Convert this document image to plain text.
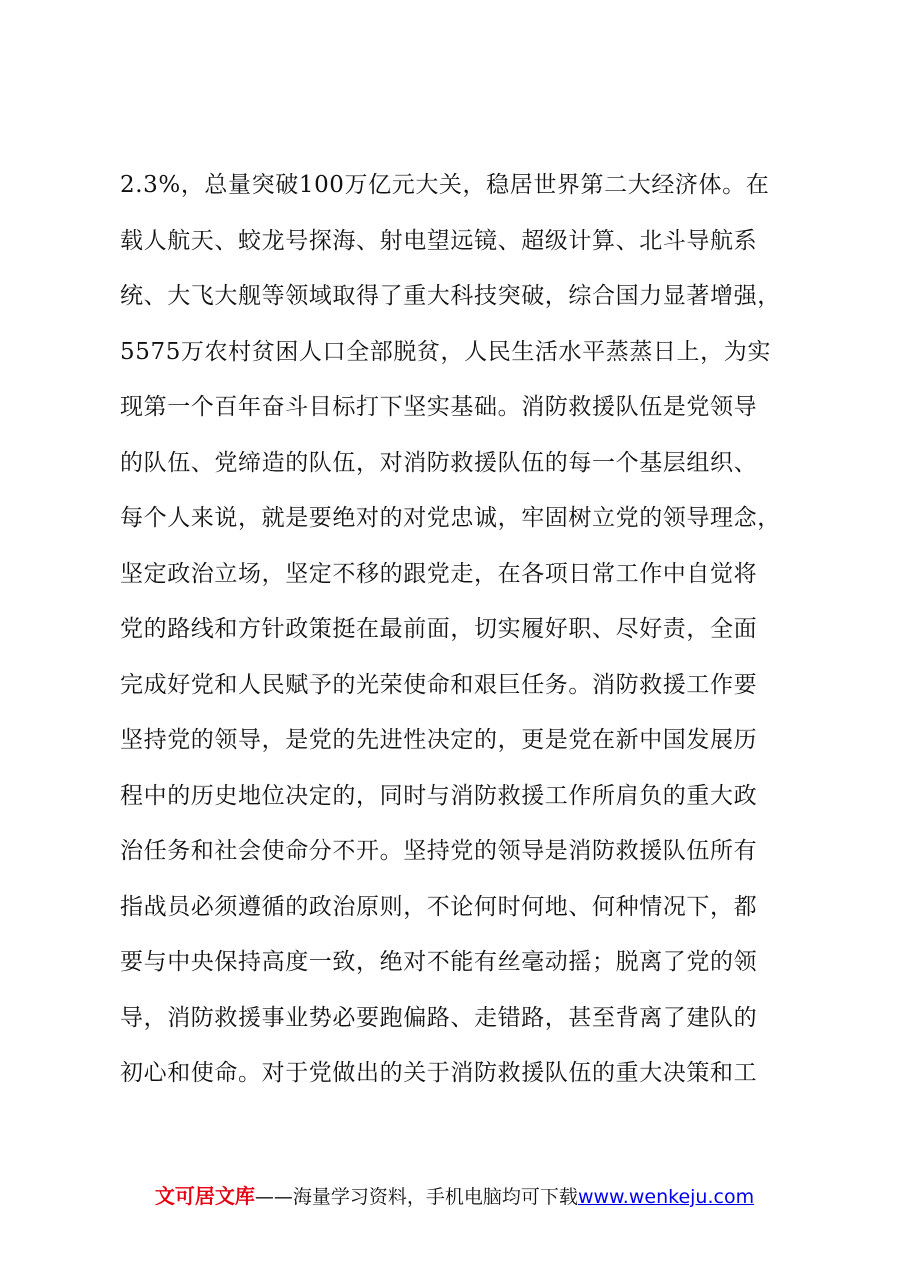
2.3%，总量突破100万亿元大关，稳居世界第二大经济体。在
载人航天、蛟龙号探海、射电望远镜、超级计算、北斗导航系
统、大飞大舰等领域取得了重大科技突破，综合国力显著增强，
5575万农村贫困人口全部脱贫，人民生活水平蒸蒸日上，为实
现第一个百年奋斗目标打下坚实基础。消防救援队伍是党领导
的队伍、党缔造的队伍，对消防救援队伍的每一个基层组织、
每个人来说，就是要绝对的对党忠诚，牢固树立党的领导理念，
坚定政治立场，坚定不移的跟党走，在各项日常工作中自觉将
党的路线和方针政策挺在最前面，切实履好职、尽好责，全面
完成好党和人民赋予的光荣使命和艰巨任务。消防救援工作要
坚持党的领导，是党的先进性决定的，更是党在新中国发展历
程中的历史地位决定的，同时与消防救援工作所肩负的重大政
治任务和社会使命分不开。坚持党的领导是消防救援队伍所有
指战员必须遵循的政治原则，不论何时何地、何种情况下，都
要与中央保持高度一致，绝对不能有丝毫动摇；脱离了党的领
导，消防救援事业势必要跑偏路、走错路，甚至背离了建队的
初心和使命。对于党做出的关于消防救援队伍的重大决策和工
文可居文库——海量学习资料，手机电脑均可下载www.wenkeju.com
